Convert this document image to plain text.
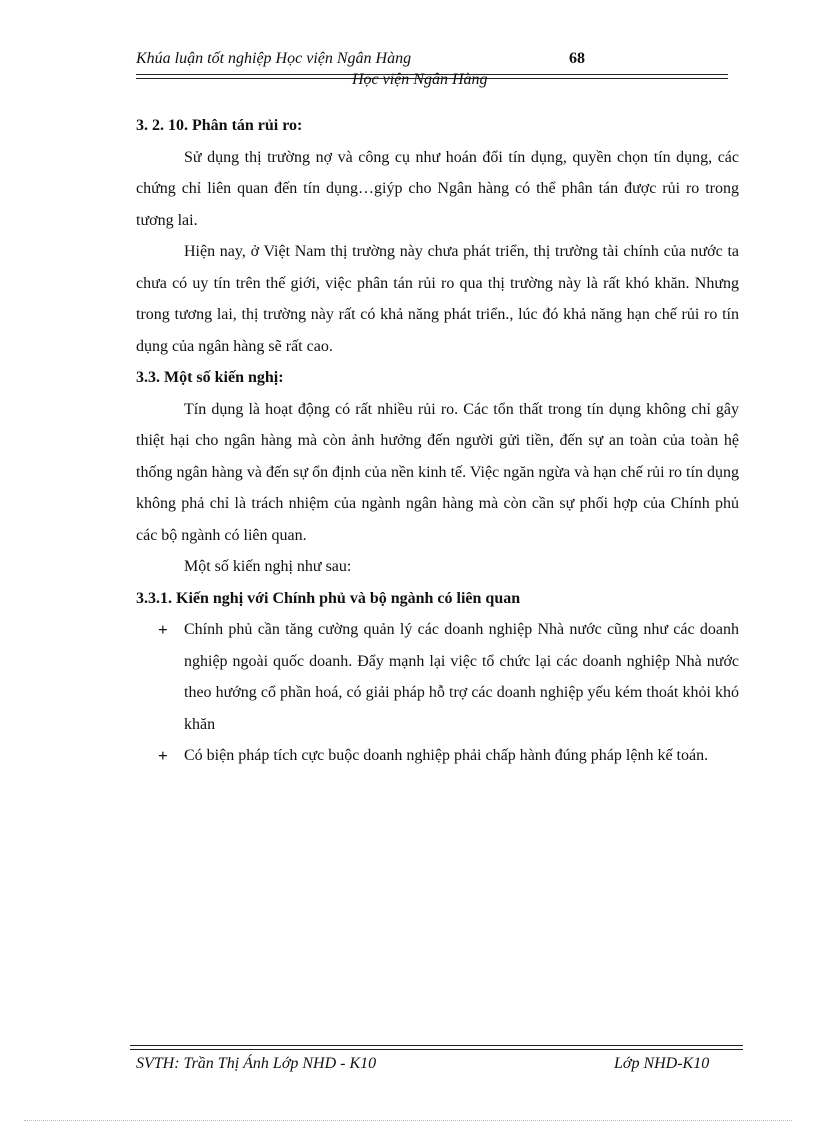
Khúa luận tốt nghiệp Học viện Ngân Hàng	68
Học viện Ngân Hàng

3. 2. 10. Phân tán rủi ro:

Sử dụng thị trường nợ và công cụ như hoán đổi tín dụng, quyền chọn tín dụng, các chứng chỉ liên quan đến tín dụng…giýp cho Ngân hàng có thể phân tán được rủi ro trong tương lai.

Hiện nay, ở Việt Nam thị trường này chưa phát triển, thị trường tài chính của nước ta chưa có uy tín trên thế giới, việc phân tán rủi ro qua thị trường này là rất khó khăn. Nhưng trong tương lai, thị trường này rất có khả năng phát triển., lúc đó khả năng hạn chế rủi ro tín dụng của ngân hàng sẽ rất cao.

3.3. Một số kiến nghị:

Tín dụng là hoạt động có rất nhiều rủi ro. Các tổn thất trong tín dụng không chỉ gây thiệt hại cho ngân hàng mà còn ảnh hưởng đến người gửi tiền, đến sự an toàn của toàn hệ thống ngân hàng và đến sự ổn định của nền kinh tế. Việc ngăn ngừa và hạn chế rủi ro tín dụng không phả chỉ là trách nhiệm của ngành ngân hàng mà còn cần sự phối hợp của Chính phủ các bộ ngành có liên quan.

Một số kiến nghị như sau:

3.3.1. Kiến nghị với Chính phủ và bộ ngành có liên quan

+ Chính phủ cần tăng cường quản lý các doanh nghiệp Nhà nước cũng như các doanh nghiệp ngoài quốc doanh. Đẩy mạnh lại việc tổ chức lại các doanh nghiệp Nhà nước theo hướng cổ phần hoá, có giải pháp hỗ trợ các doanh nghiệp yếu kém thoát khỏi khó khăn
+ Có biện pháp tích cực buộc doanh nghiệp phải chấp hành đúng pháp lệnh kế toán.
SVTH: Trần Thị Ánh Lớp NHD - K10	Lớp NHD-K10
